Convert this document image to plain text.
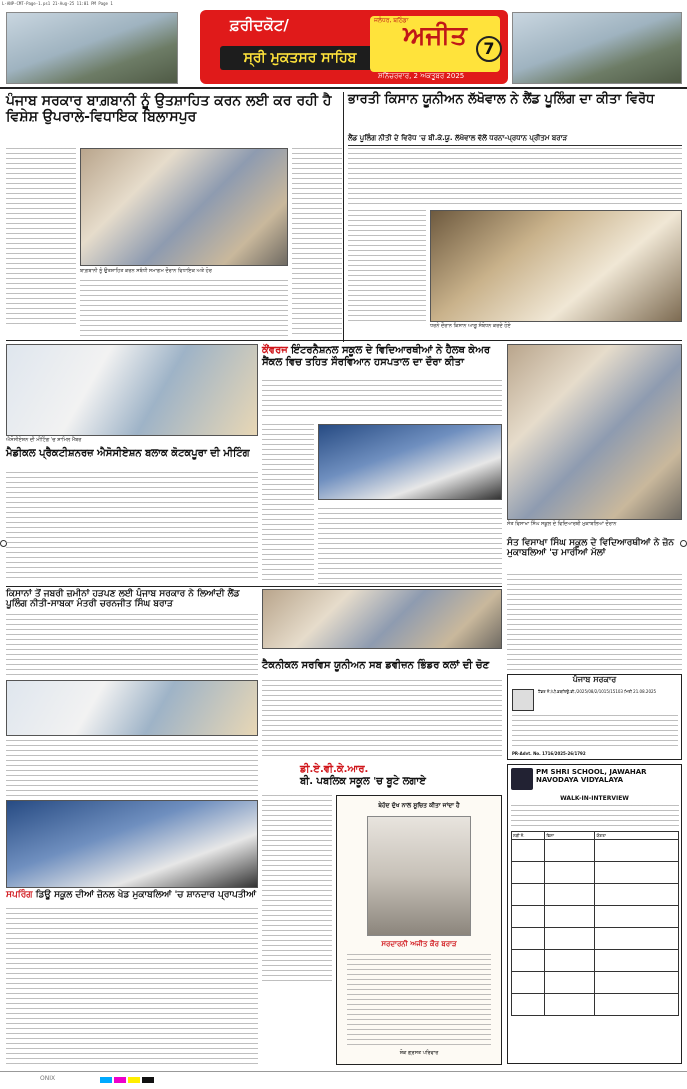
L-ANP-CMT-Page-1.ps1 21-Aug-25 11:01 PM Page 1
ਫ਼ਰੀਦਕੋਟ/
ਸ੍ਰੀ ਮੁਕਤਸਰ ਸਾਹਿਬ
ਜਲੰਧਰ, ਬਠਿੰਡਾ
ਅਜੀਤ
ਸ਼ਨਿੱਚਰਵਾਰ, 2 ਅਕਤੂਬਰ 2025
7
ਪੰਜਾਬ ਸਰਕਾਰ ਬਾਗ਼ਬਾਨੀ ਨੂੰ ਉਤਸ਼ਾਹਿਤ ਕਰਨ ਲਈ ਕਰ ਰਹੀ ਹੈ ਵਿਸ਼ੇਸ਼ ਉਪਰਾਲੇ-ਵਿਧਾਇਕ ਬਿਲਾਸਪੁਰ
ਬਾਗ਼ਬਾਨੀ ਨੂੰ ਉਤਸ਼ਾਹਿਤ ਕਰਨ ਸਬੰਧੀ ਸਮਾਗਮ ਦੌਰਾਨ ਵਿਧਾਇਕ ਅਤੇ ਹੋਰ
ਭਾਰਤੀ ਕਿਸਾਨ ਯੂਨੀਅਨ ਲੱਖੋਵਾਲ ਨੇ ਲੈਂਡ ਪੂਲਿੰਗ ਦਾ ਕੀਤਾ ਵਿਰੋਧ
ਲੈਂਡ ਪੂਲਿੰਗ ਨੀਤੀ ਦੇ ਵਿਰੋਧ 'ਚ ਬੀ.ਕੇ.ਯੂ. ਲੱਖੋਵਾਲ ਵੱਲੋਂ ਧਰਨਾ-ਪ੍ਰਧਾਨ ਪ੍ਰੀਤਮ ਬਰਾੜ
ਧਰਨੇ ਦੌਰਾਨ ਕਿਸਾਨ ਆਗੂ ਸੰਬੋਧਨ ਕਰਦੇ ਹੋਏ
ਐਸੋਸੀਏਸ਼ਨ ਦੀ ਮੀਟਿੰਗ 'ਚ ਸ਼ਾਮਿਲ ਮੈਂਬਰ
ਮੈਡੀਕਲ ਪ੍ਰੈਕਟੀਸ਼ਨਰਜ਼ ਐਸੋਸੀਏਸ਼ਨ ਬਲਾਕ ਕੋਟਕਪੂਰਾ ਦੀ ਮੀਟਿੰਗ
ਕੌਂਵਰਜ ਇੰਟਰਨੈਸ਼ਨਲ ਸਕੂਲ ਦੇ ਵਿਦਿਆਰਥੀਆਂ ਨੇ ਹੈਲਥ ਕੇਅਰ ਸੈਂਕਲ ਵਿਚ ਤਹਿਤ ਸੌਰਵਿਆਨ ਹਸਪਤਾਲ ਦਾ ਦੌਰਾ ਕੀਤਾ
ਸੰਤ ਵਿਸਾਖਾ ਸਿੰਘ ਸਕੂਲ ਦੇ ਵਿਦਿਆਰਥੀ ਮੁਕਾਬਲਿਆਂ ਦੌਰਾਨ
ਸੰਤ ਵਿਸਾਖਾ ਸਿੰਘ ਸਕੂਲ ਦੇ ਵਿਦਿਆਰਥੀਆਂ ਨੇ ਜ਼ੋਨ ਮੁਕਾਬਲਿਆਂ 'ਚ ਮਾਰੀਆਂ ਮੱਲਾਂ
ਕਿਸਾਨਾਂ ਤੋਂ ਜਬਰੀ ਜ਼ਮੀਨਾਂ ਹੜਪਣ ਲਈ ਪੰਜਾਬ ਸਰਕਾਰ ਨੇ ਲਿਆਂਦੀ ਲੈਂਡ ਪੂਲਿੰਗ ਨੀਤੀ-ਸਾਬਕਾ ਮੰਤਰੀ ਚਰਨਜੀਤ ਸਿੰਘ ਬਰਾੜ
ਟੈਕਨੀਕਲ ਸਰਵਿਸ ਯੂਨੀਅਨ ਸਬ ਡਵੀਜ਼ਨ ਭਿੰਡਰ ਕਲਾਂ ਦੀ ਚੋਣ
ਡੀ.ਏ.ਵੀ.ਕੇ.ਆਰ.
ਬੀ. ਪਬਲਿਕ ਸਕੂਲ 'ਚ ਬੂਟੇ ਲਗਾਏ
ਬੇਹੱਦ ਦੁੱਖ ਨਾਲ ਸੂਚਿਤ ਕੀਤਾ ਜਾਂਦਾ ਹੈ
ਸਰਦਾਰਨੀ ਅਜੀਤ ਕੌਰ ਬਰਾੜ
ਸ਼ੋਕ ਗ੍ਰਸਤ ਪਰਿਵਾਰ
ਸਪਰਿੰਗ ਡਿਊ ਸਕੂਲ ਦੀਆਂ ਜ਼ੋਨਲ ਖੇਡ ਮੁਕਾਬਲਿਆਂ 'ਚ ਸ਼ਾਨਦਾਰ ਪ੍ਰਾਪਤੀਆਂ
ਪੰਜਾਬ ਸਰਕਾਰ
ਟੈਂਡਰ ਨੰ:/ਪੀ.ਡਬਲਿਊ.ਡੀ./2025/08/2/1015/15103 ਮਿਤੀ 21.08.2025
PR-Advt. No. 1716/2025-26/1792
PM SHRI SCHOOL, JAWAHAR NAVODAYA VIDYALAYA
WALK-IN-INTERVIEW
ਲੜੀ ਨੰ.	ਵਿਸ਼ਾ	ਯੋਗਤਾ

ONIX
